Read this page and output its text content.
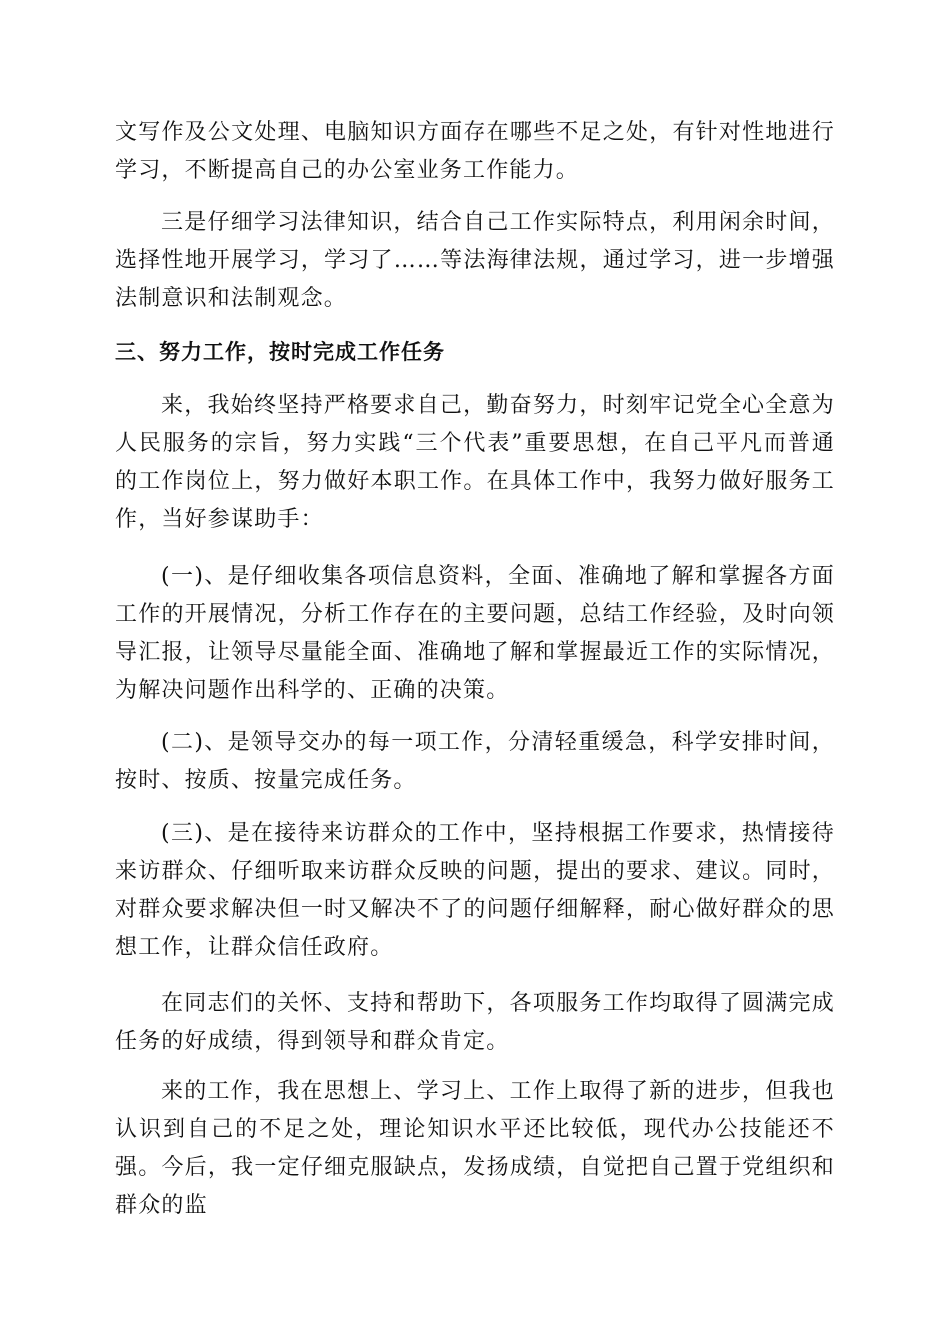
文写作及公文处理、电脑知识方面存在哪些不足之处，有针对性地进行学习，不断提高自己的办公室业务工作能力。

三是仔细学习法律知识，结合自己工作实际特点，利用闲余时间，选择性地开展学习，学习了……等法海律法规，通过学习，进一步增强法制意识和法制观念。

三、努力工作，按时完成工作任务

来，我始终坚持严格要求自己，勤奋努力，时刻牢记党全心全意为人民服务的宗旨，努力实践“三个代表”重要思想，在自己平凡而普通的工作岗位上，努力做好本职工作。在具体工作中，我努力做好服务工作，当好参谋助手：

(一)、是仔细收集各项信息资料，全面、准确地了解和掌握各方面工作的开展情况，分析工作存在的主要问题，总结工作经验，及时向领导汇报，让领导尽量能全面、准确地了解和掌握最近工作的实际情况，为解决问题作出科学的、正确的决策。

(二)、是领导交办的每一项工作，分清轻重缓急，科学安排时间，按时、按质、按量完成任务。

(三)、是在接待来访群众的工作中，坚持根据工作要求，热情接待来访群众、仔细听取来访群众反映的问题，提出的要求、建议。同时，对群众要求解决但一时又解决不了的问题仔细解释，耐心做好群众的思想工作，让群众信任政府。

在同志们的关怀、支持和帮助下，各项服务工作均取得了圆满完成任务的好成绩，得到领导和群众肯定。

来的工作，我在思想上、学习上、工作上取得了新的进步，但我也认识到自己的不足之处，理论知识水平还比较低，现代办公技能还不强。今后，我一定仔细克服缺点，发扬成绩，自觉把自己置于党组织和群众的监
